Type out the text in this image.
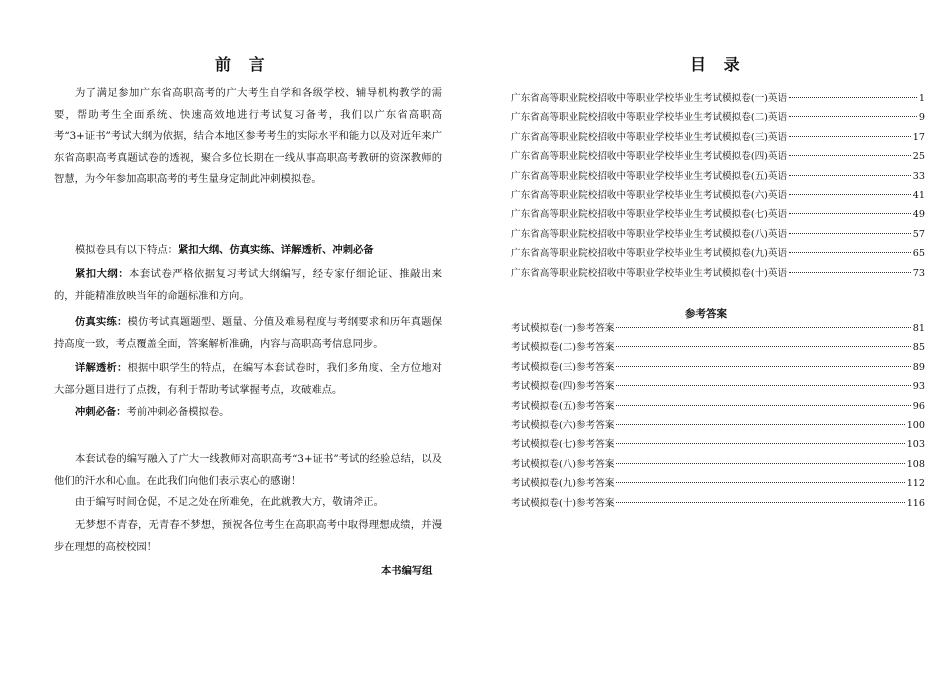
前 言

为了满足参加广东省高职高考的广大考生自学和各级学校、辅导机构教学的需要，帮助考生全面系统、快速高效地进行考试复习备考，我们以广东省高职高考“3+证书”考试大纲为依据，结合本地区参考考生的实际水平和能力以及对近年来广东省高职高考真题试卷的透视，聚合多位长期在一线从事高职高考教研的资深教师的智慧，为今年参加高职高考的考生量身定制此冲刺模拟卷。

模拟卷具有以下特点：紧扣大纲、仿真实练、详解透析、冲刺必备

紧扣大纲：本套试卷严格依据复习考试大纲编写，经专家仔细论证、推敲出来的，并能精准放映当年的命题标准和方向。

仿真实练：模仿考试真题题型、题量、分值及难易程度与考纲要求和历年真题保持高度一致，考点覆盖全面，答案解析准确，内容与高职高考信息同步。

详解透析：根据中职学生的特点，在编写本套试卷时，我们多角度、全方位地对大部分题目进行了点拨，有利于帮助考试掌握考点，攻破难点。

冲刺必备：考前冲刺必备模拟卷。

本套试卷的编写融入了广大一线教师对高职高考“3+证书”考试的经验总结，以及他们的汗水和心血。在此我们向他们表示衷心的感谢！

由于编写时间仓促，不足之处在所难免，在此就教大方，敬请斧正。

无梦想不青春，无青春不梦想，预祝各位考生在高职高考中取得理想成绩，并漫步在理想的高校校园！

本书编写组
目 录
广东省高等职业院校招收中等职业学校毕业生考试模拟卷(一)英语	1
广东省高等职业院校招收中等职业学校毕业生考试模拟卷(二)英语	9
广东省高等职业院校招收中等职业学校毕业生考试模拟卷(三)英语	17
广东省高等职业院校招收中等职业学校毕业生考试模拟卷(四)英语	25
广东省高等职业院校招收中等职业学校毕业生考试模拟卷(五)英语	33
广东省高等职业院校招收中等职业学校毕业生考试模拟卷(六)英语	41
广东省高等职业院校招收中等职业学校毕业生考试模拟卷(七)英语	49
广东省高等职业院校招收中等职业学校毕业生考试模拟卷(八)英语	57
广东省高等职业院校招收中等职业学校毕业生考试模拟卷(九)英语	65
广东省高等职业院校招收中等职业学校毕业生考试模拟卷(十)英语	73
参考答案
考试模拟卷(一)参考答案	81
考试模拟卷(二)参考答案	85
考试模拟卷(三)参考答案	89
考试模拟卷(四)参考答案	93
考试模拟卷(五)参考答案	96
考试模拟卷(六)参考答案	100
考试模拟卷(七)参考答案	103
考试模拟卷(八)参考答案	108
考试模拟卷(九)参考答案	112
考试模拟卷(十)参考答案	116
